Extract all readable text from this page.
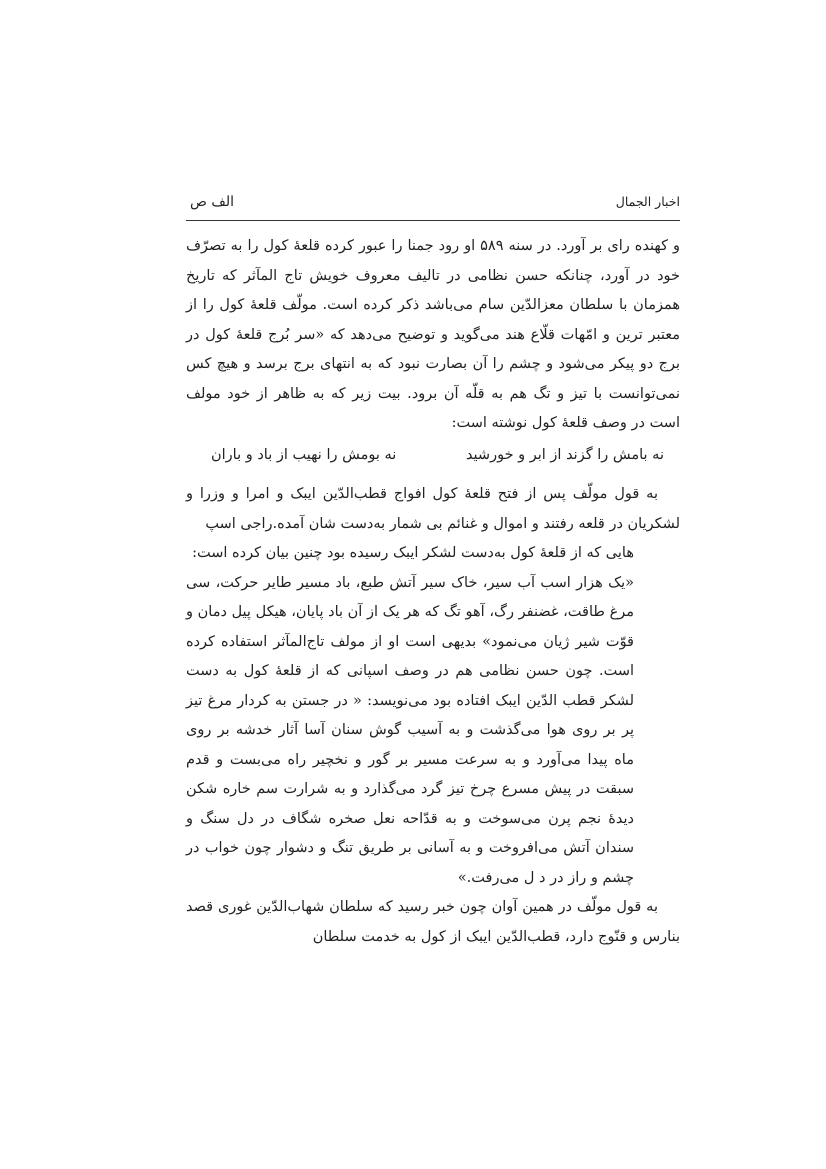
اخبار الجمال
الف ص

و کهنده رای بر آورد. در سنه ۵۸۹ او رود جمنا را عبور کرده قلعهٔ کول را به تصرّف خود در آورد، چنانکه حسن نظامی در تالیف معروف خویش تاج المآثر که تاریخ همزمان با سلطان معزالدّین سام می‌باشد ذکر کرده است. مولّف قلعهٔ کول را از معتبر ترین و امّهات قلّاع هند می‌گوید و توضیح می‌دهد که «سر بُرج قلعهٔ کول در برج دو پیکر می‌شود و چشم را آن بصارت نبود که به انتهای برج برسد و هیچ کس نمی‌توانست با تیز و تگ هم به قلّه آن برود. بیت زیر که به ظاهر از خود مولف است در وصف قلعهٔ کول نوشته است:

نه بامش را گزند از ابر و خورشید
نه بومش را نهیب از باد و باران

به قول مولّف پس از فتح قلعهٔ کول افواج قطب‌الدّین ایبک و امرا و وزرا و لشکریان در قلعه رفتند و اموال و غنائم بی شمار به‌دست شان آمده.راجی اسپ

هایی که از قلعهٔ کول به‌دست لشکر ایبک رسیده بود چنین بیان کرده است:

«یک هزار اسب آب سیر، خاک سیر آتش طبع، باد مسیر طایر حرکت، سی مرغ طاقت، غضنفر رگ، آهو تگ که هر یک از آن باد پایان، هیکل پیل دمان و قوّت شیر ژیان می‌نمود» بدیهی است او از مولف تاج‌المآثر استفاده کرده است. چون حسن نظامی هم در وصف اسپانی که از قلعهٔ کول به دست لشکر قطب الدّین ایبک افتاده بود می‌نویسد: « در جستن به کردار مرغ تیز پر بر روی هوا می‌گذشت و به آسیب گوش سنان آسا آثار خدشه بر روی ماه پیدا می‌آورد و به سرعت مسیر بر گور و نخچیر راه می‌بست و قدم سبقت در پیش مسرع چرخ تیز گرد می‌گذارد و به شرارت سم خاره شکن دیدهٔ نجم پرن می‌سوخت و به قدّاحه نعل صخره شگاف در دل سنگ و سندان آتش می‌افروخت و به آسانی بر طریق تنگ و دشوار چون خواب در چشم و راز در د ل می‌رفت.»

به قول مولّف در همین آوان چون خبر رسید که سلطان شهاب‌الدّین غوری قصد بنارس و قنّوج دارد، قطب‌الدّین ایبک از کول به خدمت سلطان
